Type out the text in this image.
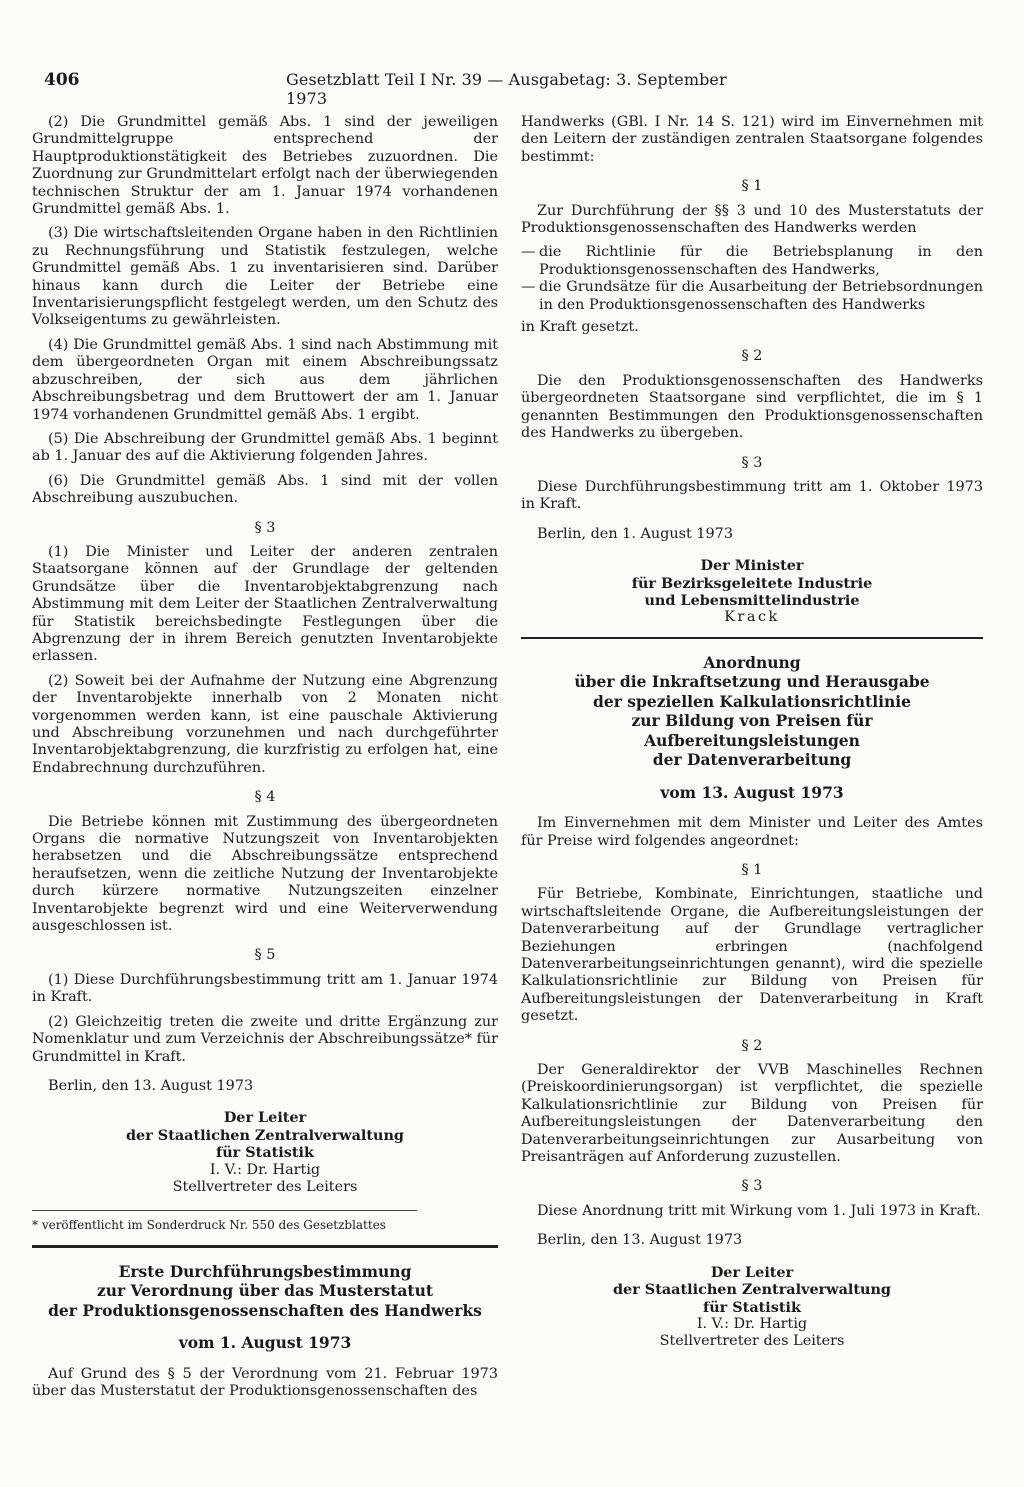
406	Gesetzblatt Teil I Nr. 39 — Ausgabetag: 3. September 1973

(2) Die Grundmittel gemäß Abs. 1 sind der jeweiligen Grundmittelgruppe entsprechend der Hauptproduktionstätigkeit des Betriebes zuzuordnen. Die Zuordnung zur Grundmittelart erfolgt nach der überwiegenden technischen Struktur der am 1. Januar 1974 vorhandenen Grundmittel gemäß Abs. 1.

(3) Die wirtschaftsleitenden Organe haben in den Richtlinien zu Rechnungsführung und Statistik festzulegen, welche Grundmittel gemäß Abs. 1 zu inventarisieren sind. Darüber hinaus kann durch die Leiter der Betriebe eine Inventarisierungspflicht festgelegt werden, um den Schutz des Volkseigentums zu gewährleisten.

(4) Die Grundmittel gemäß Abs. 1 sind nach Abstimmung mit dem übergeordneten Organ mit einem Abschreibungssatz abzuschreiben, der sich aus dem jährlichen Abschreibungsbetrag und dem Bruttowert der am 1. Januar 1974 vorhandenen Grundmittel gemäß Abs. 1 ergibt.

(5) Die Abschreibung der Grundmittel gemäß Abs. 1 beginnt ab 1. Januar des auf die Aktivierung folgenden Jahres.

(6) Die Grundmittel gemäß Abs. 1 sind mit der vollen Abschreibung auszubuchen.

§ 3

(1) Die Minister und Leiter der anderen zentralen Staatsorgane können auf der Grundlage der geltenden Grundsätze über die Inventarobjektabgrenzung nach Abstimmung mit dem Leiter der Staatlichen Zentralverwaltung für Statistik bereichsbedingte Festlegungen über die Abgrenzung der in ihrem Bereich genutzten Inventarobjekte erlassen.

(2) Soweit bei der Aufnahme der Nutzung eine Abgrenzung der Inventarobjekte innerhalb von 2 Monaten nicht vorgenommen werden kann, ist eine pauschale Aktivierung und Abschreibung vorzunehmen und nach durchgeführter Inventarobjektabgrenzung, die kurzfristig zu erfolgen hat, eine Endabrechnung durchzuführen.

§ 4

Die Betriebe können mit Zustimmung des übergeordneten Organs die normative Nutzungszeit von Inventarobjekten herabsetzen und die Abschreibungssätze entsprechend heraufsetzen, wenn die zeitliche Nutzung der Inventarobjekte durch kürzere normative Nutzungszeiten einzelner Inventarobjekte begrenzt wird und eine Weiterverwendung ausgeschlossen ist.

§ 5

(1) Diese Durchführungsbestimmung tritt am 1. Januar 1974 in Kraft.

(2) Gleichzeitig treten die zweite und dritte Ergänzung zur Nomenklatur und zum Verzeichnis der Abschreibungssätze* für Grundmittel in Kraft.

Berlin, den 13. August 1973
Der Leiter
der Staatlichen Zentralverwaltung
für Statistik
I. V.: Dr. Hartig
Stellvertreter des Leiters
* veröffentlicht im Sonderdruck Nr. 550 des Gesetzblattes
Erste Durchführungsbestimmung
zur Verordnung über das Musterstatut
der Produktionsgenossenschaften des Handwerks
vom 1. August 1973

Auf Grund des § 5 der Verordnung vom 21. Februar 1973 über das Musterstatut der Produktionsgenossenschaften des

Handwerks (GBl. I Nr. 14 S. 121) wird im Einvernehmen mit den Leitern der zuständigen zentralen Staatsorgane folgendes bestimmt:

§ 1

Zur Durchführung der §§ 3 und 10 des Musterstatuts der Produktionsgenossenschaften des Handwerks werden

— die Richtlinie für die Betriebsplanung in den Produktionsgenossenschaften des Handwerks,
— die Grundsätze für die Ausarbeitung der Betriebsordnungen in den Produktionsgenossenschaften des Handwerks

in Kraft gesetzt.

§ 2

Die den Produktionsgenossenschaften des Handwerks übergeordneten Staatsorgane sind verpflichtet, die im § 1 genannten Bestimmungen den Produktionsgenossenschaften des Handwerks zu übergeben.

§ 3

Diese Durchführungsbestimmung tritt am 1. Oktober 1973 in Kraft.

Berlin, den 1. August 1973
Der Minister
für Bezirksgeleitete Industrie
und Lebensmittelindustrie
Krack
Anordnung
über die Inkraftsetzung und Herausgabe
der speziellen Kalkulationsrichtlinie
zur Bildung von Preisen für Aufbereitungsleistungen
der Datenverarbeitung
vom 13. August 1973

Im Einvernehmen mit dem Minister und Leiter des Amtes für Preise wird folgendes angeordnet:

§ 1

Für Betriebe, Kombinate, Einrichtungen, staatliche und wirtschaftsleitende Organe, die Aufbereitungsleistungen der Datenverarbeitung auf der Grundlage vertraglicher Beziehungen erbringen (nachfolgend Datenverarbeitungseinrichtungen genannt), wird die spezielle Kalkulationsrichtlinie zur Bildung von Preisen für Aufbereitungsleistungen der Datenverarbeitung in Kraft gesetzt.

§ 2

Der Generaldirektor der VVB Maschinelles Rechnen (Preiskoordinierungsorgan) ist verpflichtet, die spezielle Kalkulationsrichtlinie zur Bildung von Preisen für Aufbereitungsleistungen der Datenverarbeitung den Datenverarbeitungseinrichtungen zur Ausarbeitung von Preisanträgen auf Anforderung zuzustellen.

§ 3

Diese Anordnung tritt mit Wirkung vom 1. Juli 1973 in Kraft.

Berlin, den 13. August 1973
Der Leiter
der Staatlichen Zentralverwaltung
für Statistik
I. V.: Dr. Hartig
Stellvertreter des Leiters
